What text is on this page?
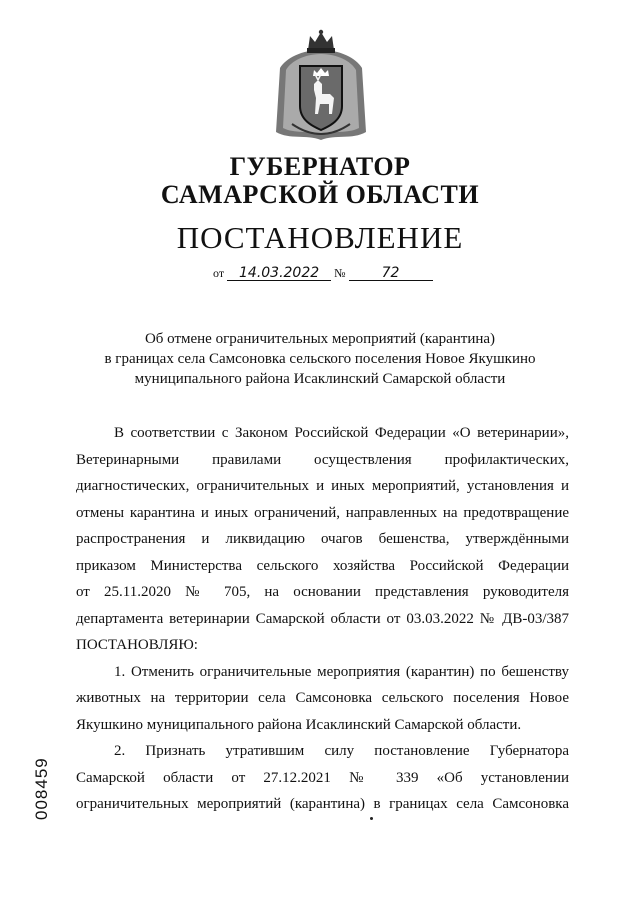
ГУБЕРНАТОР
САМАРСКОЙ ОБЛАСТИ
ПОСТАНОВЛЕНИЕ
от 14.03.2022 №	72
Об отмене ограничительных мероприятий (карантина)
в границах села Самсоновка сельского поселения Новое Якушкино
муниципального района Исаклинский Самарской области
В соответствии с Законом Российской Федерации «О ветеринарии»,
Ветеринарными правилами осуществления профилактических,
диагностических, ограничительных и иных мероприятий, установления и
отмены карантина и иных ограничений, направленных на предотвращение
распространения и ликвидацию очагов бешенства, утверждёнными
приказом Министерства сельского хозяйства Российской Федерации
от 25.11.2020 № 705, на основании представления руководителя
департамента ветеринарии Самарской области от 03.03.2022 № ДВ-03/387
ПОСТАНОВЛЯЮ:
1. Отменить ограничительные мероприятия (карантин) по бешенству
животных на территории села Самсоновка сельского поселения Новое
Якушкино муниципального района Исаклинский Самарской области.
2. Признать утратившим силу постановление Губернатора
Самарской области от 27.12.2021 № 339 «Об установлении
ограничительных мероприятий (карантина) в границах села Самсоновка
008459
